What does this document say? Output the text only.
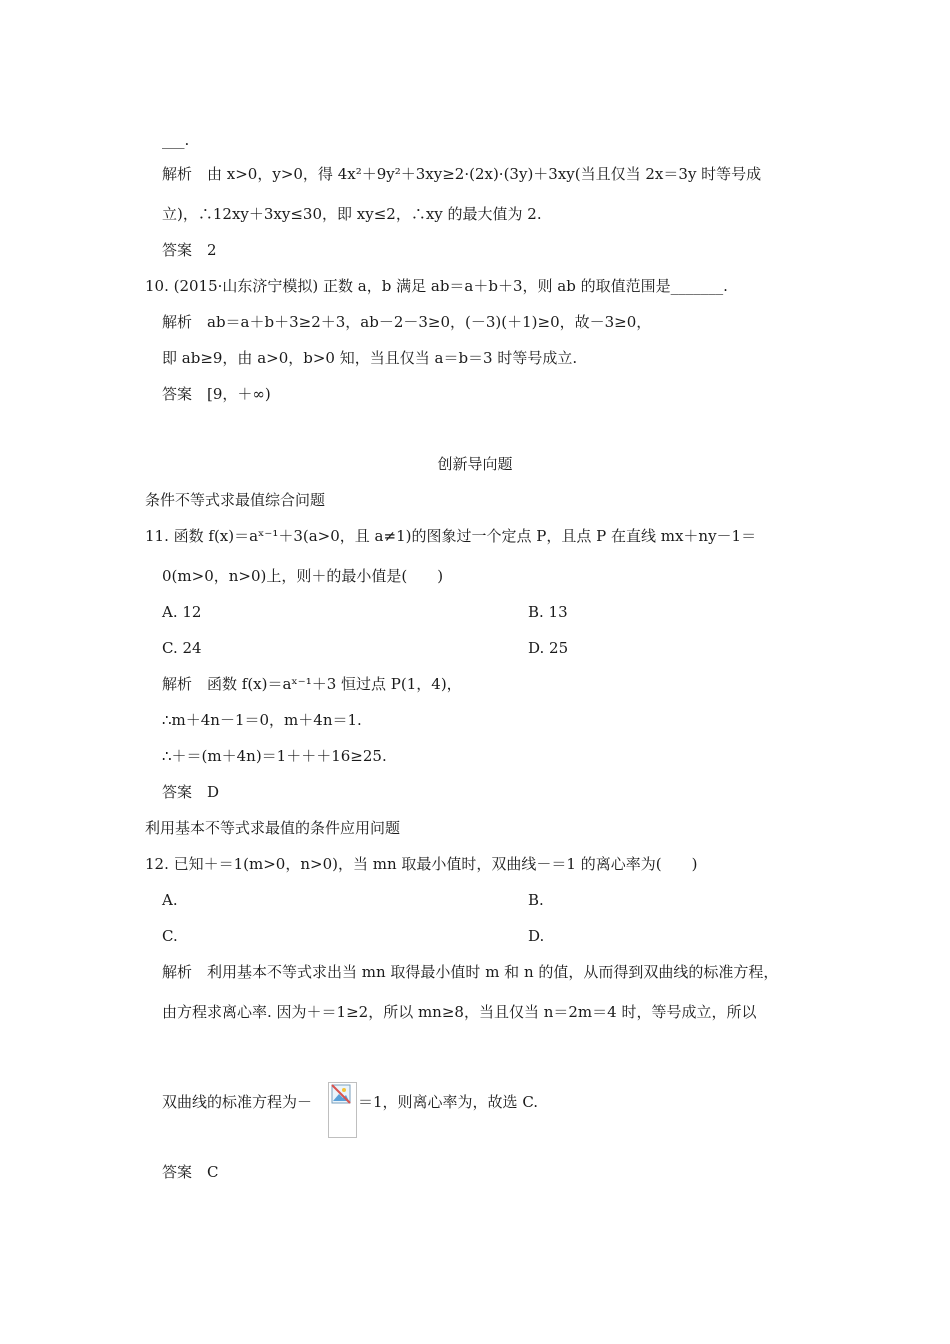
___.
解析　由 x>0，y>0，得 4x²＋9y²＋3xy≥2·(2x)·(3y)＋3xy(当且仅当 2x＝3y 时等号成
立)，∴12xy＋3xy≤30，即 xy≤2，∴xy 的最大值为 2.
答案　2
10. (2015·山东济宁模拟) 正数 a，b 满足 ab＝a＋b＋3，则 ab 的取值范围是_______.
解析　ab＝a＋b＋3≥2＋3，ab－2－3≥0，(－3)(＋1)≥0，故－3≥0，
即 ab≥9，由 a>0，b>0 知，当且仅当 a＝b＝3 时等号成立.
答案　[9，＋∞)
创新导向题
条件不等式求最值综合问题
11. 函数 f(x)＝aˣ⁻¹＋3(a>0，且 a≠1)的图象过一个定点 P，且点 P 在直线 mx＋ny－1＝
0(m>0，n>0)上，则＋的最小值是(　　)
A. 12	B. 13
C. 24	D. 25
解析　函数 f(x)＝aˣ⁻¹＋3 恒过点 P(1，4)，
∴m＋4n－1＝0，m＋4n＝1.
∴＋＝(m＋4n)＝1＋＋＋16≥25.
答案　D
利用基本不等式求最值的条件应用问题
12. 已知＋＝1(m>0，n>0)，当 mn 取最小值时，双曲线－＝1 的离心率为(　　)
A.	B.
C.	D.
解析　利用基本不等式求出当 mn 取得最小值时 m 和 n 的值，从而得到双曲线的标准方程，
由方程求离心率. 因为＋＝1≥2，所以 mn≥8，当且仅当 n＝2m＝4 时，等号成立，所以
双曲线的标准方程为－	＝1，则离心率为，故选 C.
答案　C
